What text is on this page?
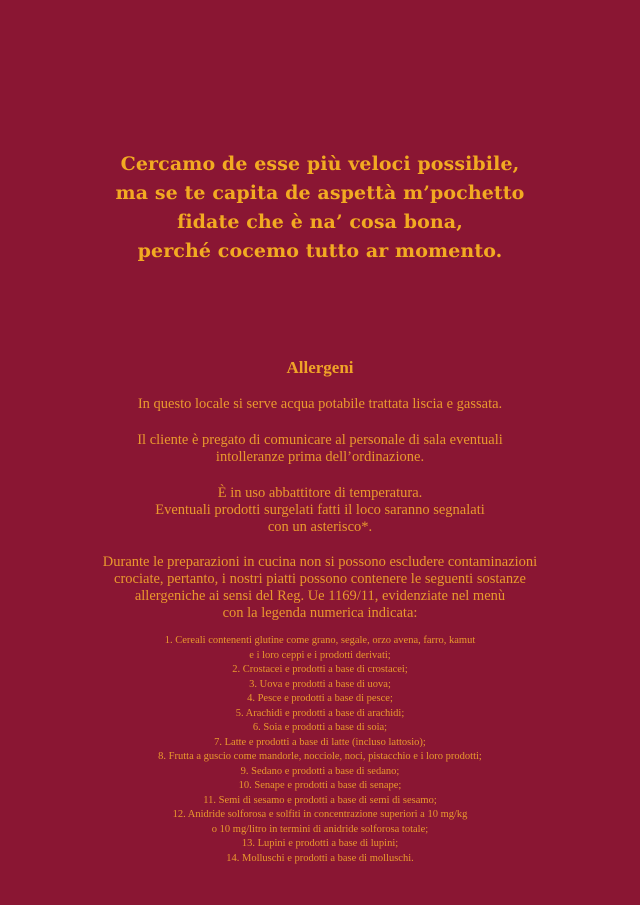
Cercamo de esse più veloci possibile,
ma se te capita de aspettà m’pochetto
fidate che è na’ cosa bona,
perché cocemo tutto ar momento.
Allergeni
In questo locale si serve acqua potabile trattata liscia e gassata.
Il cliente è pregato di comunicare al personale di sala eventuali
intolleranze prima dell’ordinazione.
È in uso abbattitore di temperatura.
Eventuali prodotti surgelati fatti il loco saranno segnalati
con un asterisco*.
Durante le preparazioni in cucina non si possono escludere contaminazioni
crociate, pertanto, i nostri piatti possono contenere le seguenti sostanze
allergeniche ai sensi del Reg. Ue 1169/11, evidenziate nel menù
con la legenda numerica indicata:
1. Cereali contenenti glutine come grano, segale, orzo avena, farro, kamut
e i loro ceppi e i prodotti derivati;
2. Crostacei e prodotti a base di crostacei;
3. Uova e prodotti a base di uova;
4. Pesce e prodotti a base di pesce;
5. Arachidi e prodotti a base di arachidi;
6. Soia e prodotti a base di soia;
7. Latte e prodotti a base di latte (incluso lattosio);
8. Frutta a guscio come mandorle, nocciole, noci, pistacchio e i loro prodotti;
9. Sedano e prodotti a base di sedano;
10. Senape e prodotti a base di senape;
11. Semi di sesamo e prodotti a base di semi di sesamo;
12. Anidride solforosa e solfiti in concentrazione superiori a 10 mg/kg
o 10 mg/litro in termini di anidride solforosa totale;
13. Lupini e prodotti a base di lupini;
14. Molluschi e prodotti a base di molluschi.
